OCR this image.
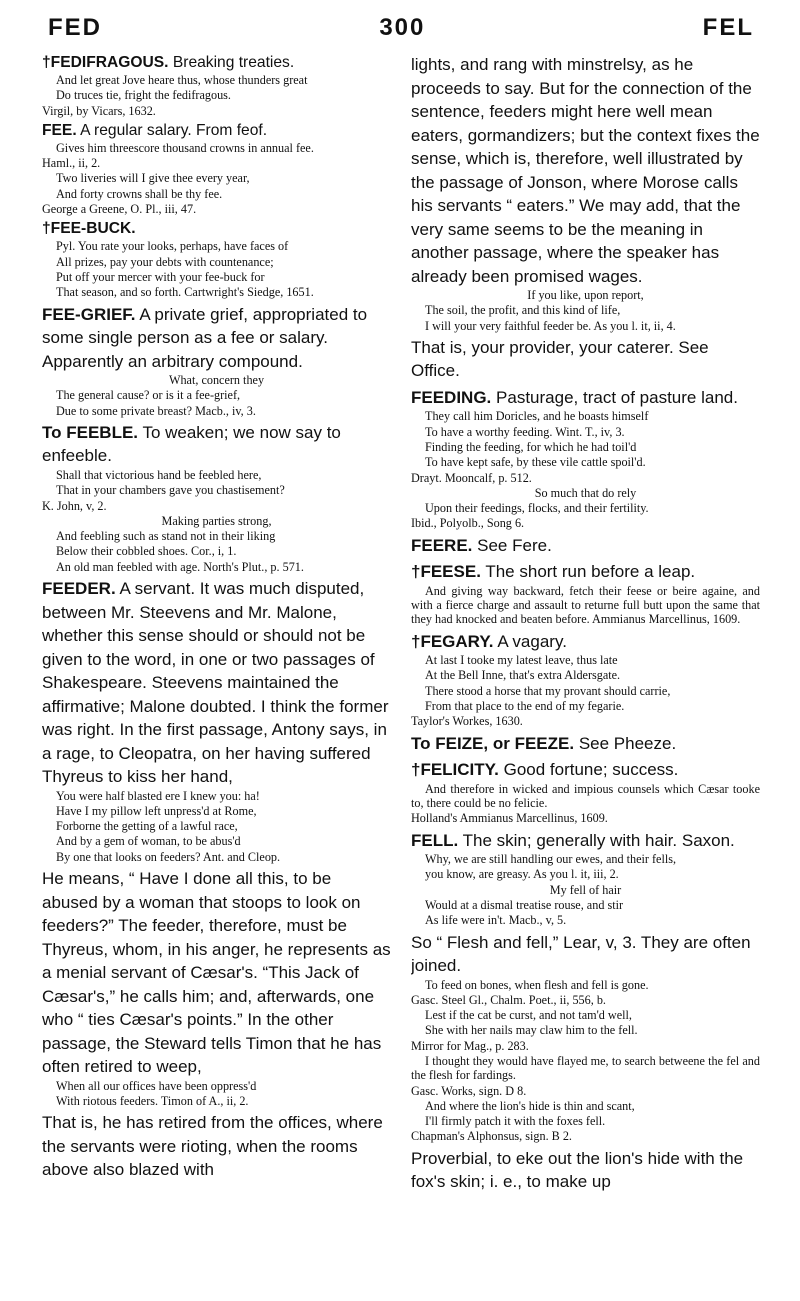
FED	300	FEL

†FEDIFRAGOUS. Breaking treaties.

And let great Jove heare thus, whose thunders great
Do truces tie, fright the fedifragous.
Virgil, by Vicars, 1632.

FEE. A regular salary. From feof.

Gives him threescore thousand crowns in annual fee.
Haml., ii, 2.
Two liveries will I give thee every year,
And forty crowns shall be thy fee.
George a Greene, O. Pl., iii, 47.

†FEE-BUCK.

Pyl. You rate your looks, perhaps, have faces of
All prizes, pay your debts with countenance;
Put off your mercer with your fee-buck for
That season, and so forth. Cartwright's Siedge, 1651.

FEE-GRIEF. A private grief, appropriated to some single person as a fee or salary. Apparently an arbitrary compound.

What, concern they
The general cause? or is it a fee-grief,
Due to some private breast? Macb., iv, 3.

To FEEBLE. To weaken; we now say to enfeeble.

Shall that victorious hand be feebled here,
That in your chambers gave you chastisement?
K. John, v, 2.
Making parties strong,
And feebling such as stand not in their liking
Below their cobbled shoes. Cor., i, 1.
An old man feebled with age. North's Plut., p. 571.

FEEDER. A servant. It was much disputed, between Mr. Steevens and Mr. Malone, whether this sense should or should not be given to the word, in one or two passages of Shakespeare. Steevens maintained the affirmative; Malone doubted. I think the former was right. In the first passage, Antony says, in a rage, to Cleopatra, on her having suffered Thyreus to kiss her hand,

You were half blasted ere I knew you: ha!
Have I my pillow left unpress'd at Rome,
Forborne the getting of a lawful race,
And by a gem of woman, to be abus'd
By one that looks on feeders? Ant. and Cleop.

He means, “ Have I done all this, to be abused by a woman that stoops to look on feeders?” The feeder, therefore, must be Thyreus, whom, in his anger, he represents as a menial servant of Cæsar's. “This Jack of Cæsar's,” he calls him; and, afterwards, one who “ ties Cæsar's points.” In the other passage, the Steward tells Timon that he has often retired to weep,

When all our offices have been oppress'd
With riotous feeders. Timon of A., ii, 2.

That is, he has retired from the offices, where the servants were rioting, when the rooms above also blazed with

lights, and rang with minstrelsy, as he proceeds to say. But for the connection of the sentence, feeders might here well mean eaters, gormandizers; but the context fixes the sense, which is, therefore, well illustrated by the passage of Jonson, where Morose calls his servants “ eaters.” We may add, that the very same seems to be the meaning in another passage, where the speaker has already been promised wages.

If you like, upon report,
The soil, the profit, and this kind of life,
I will your very faithful feeder be. As you l. it, ii, 4.

That is, your provider, your caterer. See Office.

FEEDING. Pasturage, tract of pasture land.

They call him Doricles, and he boasts himself
To have a worthy feeding. Wint. T., iv, 3.
Finding the feeding, for which he had toil'd
To have kept safe, by these vile cattle spoil'd.
Drayt. Mooncalf, p. 512.
So much that do rely
Upon their feedings, flocks, and their fertility.
Ibid., Polyolb., Song 6.

FEERE. See Fere.

†FEESE. The short run before a leap.

And giving way backward, fetch their feese or beire againe, and with a fierce charge and assault to returne full butt upon the same that they had knocked and beaten before. Ammianus Marcellinus, 1609.

†FEGARY. A vagary.

At last I tooke my latest leave, thus late
At the Bell Inne, that's extra Aldersgate.
There stood a horse that my provant should carrie,
From that place to the end of my fegarie.
Taylor's Workes, 1630.

To FEIZE, or FEEZE. See Pheeze.

†FELICITY. Good fortune; success.

And therefore in wicked and impious counsels which Cæsar tooke to, there could be no felicie.
Holland's Ammianus Marcellinus, 1609.

FELL. The skin; generally with hair. Saxon.

Why, we are still handling our ewes, and their fells,
you know, are greasy. As you l. it, iii, 2.
My fell of hair
Would at a dismal treatise rouse, and stir
As life were in't. Macb., v, 5.

So “ Flesh and fell,” Lear, v, 3. They are often joined.

To feed on bones, when flesh and fell is gone.
Gasc. Steel Gl., Chalm. Poet., ii, 556, b.
Lest if the cat be curst, and not tam'd well,
She with her nails may claw him to the fell.
Mirror for Mag., p. 283.
I thought they would have flayed me, to search betweene the fel and the flesh for fardings.
Gasc. Works, sign. D 8.
And where the lion's hide is thin and scant,
I'll firmly patch it with the foxes fell.
Chapman's Alphonsus, sign. B 2.

Proverbial, to eke out the lion's hide with the fox's skin; i. e., to make up
